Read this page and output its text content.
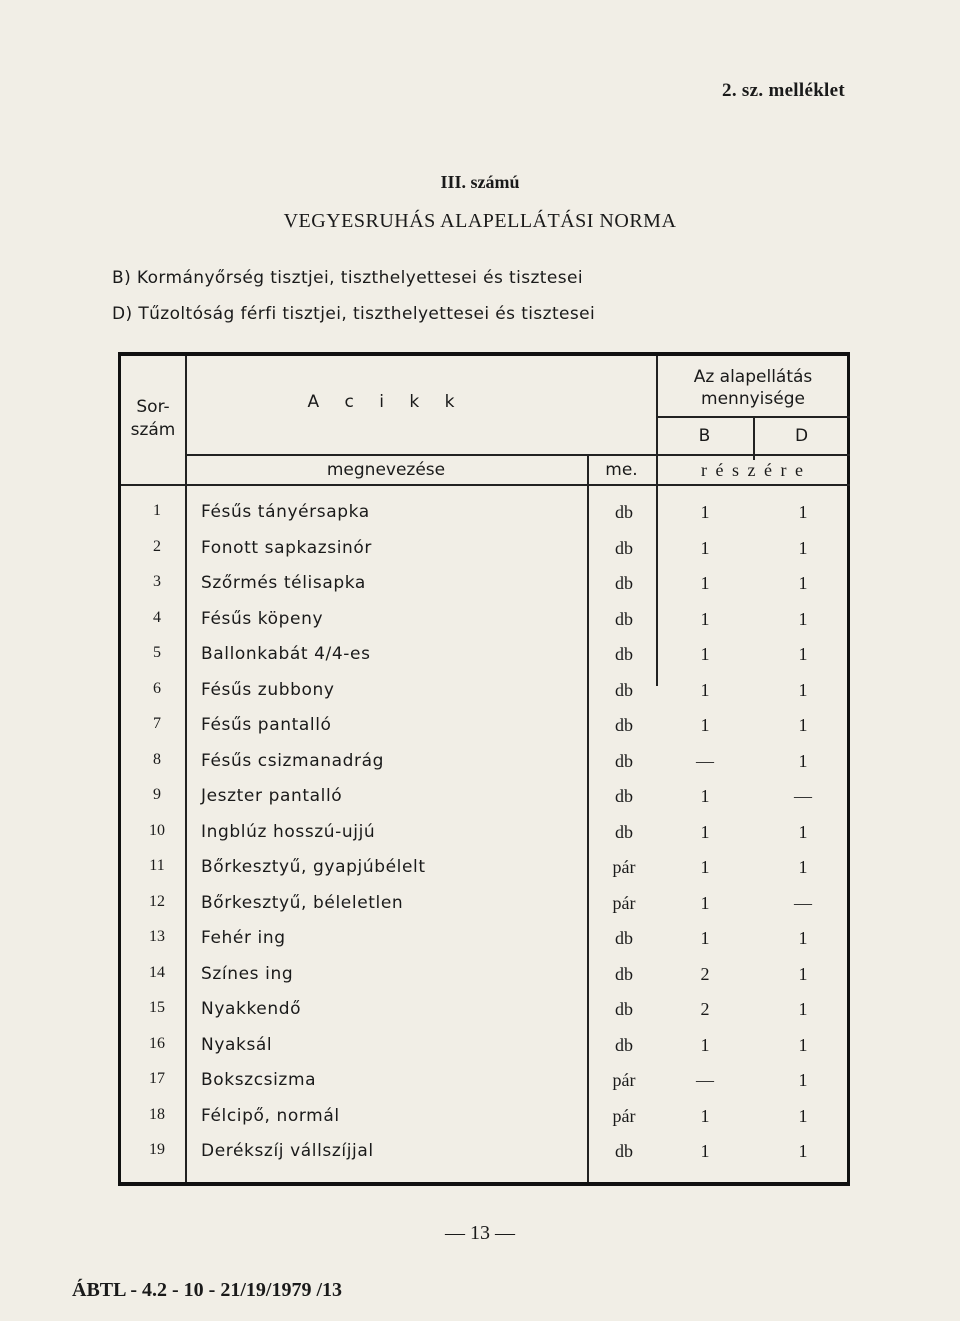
2. sz. melléklet
III. számú
VEGYESRUHÁS ALAPELLÁTÁSI NORMA
B) Kormányőrség tisztjei, tiszthelyettesei és tisztesei
D) Tűzoltóság férfi tisztjei, tiszthelyettesei és tisztesei
Sor-
szám
A c i k k
Az alapellátás mennyisége
B	D
megnevezése	me.	r é s z é r e
1	Fésűs tányérsapka	db	1	1
2	Fonott sapkazsinór	db	1	1
3	Szőrmés télisapka	db	1	1
4	Fésűs köpeny	db	1	1
5	Ballonkabát 4/4-es	db	1	1
6	Fésűs zubbony	db	1	1
7	Fésűs pantalló	db	1	1
8	Fésűs csizmanadrág	db	—	1
9	Jeszter pantalló	db	1	—
10	Ingblúz hosszú-ujjú	db	1	1
11	Bőrkesztyű, gyapjúbélelt	pár	1	1
12	Bőrkesztyű, béleletlen	pár	1	—
13	Fehér ing	db	1	1
14	Színes ing	db	2	1
15	Nyakkendő	db	2	1
16	Nyaksál	db	1	1
17	Bokszcsizma	pár	—	1
18	Félcipő, normál	pár	1	1
19	Derékszíj vállszíjjal	db	1	1
— 13 —
ÁBTL - 4.2 - 10 - 21/19/1979 /13
